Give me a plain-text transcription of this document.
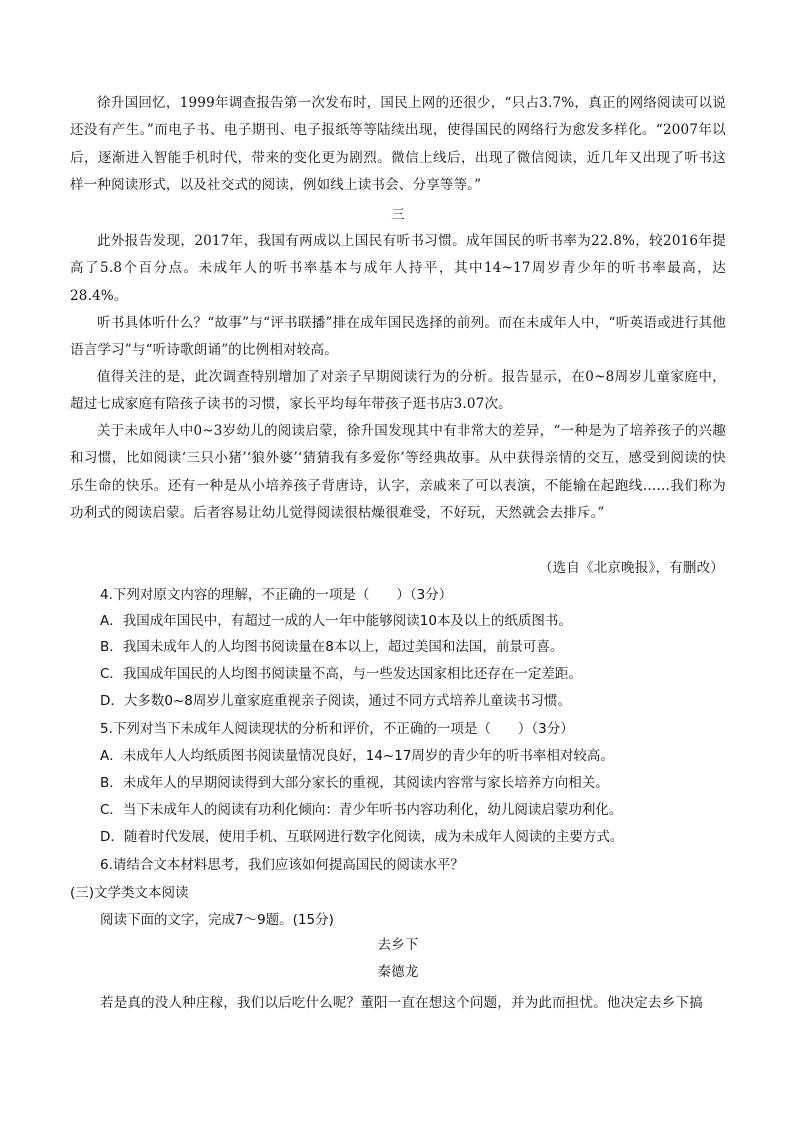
徐升国回忆，1999年调查报告第一次发布时，国民上网的还很少，“只占3.7%，真正的网络阅读可以说还没有产生。”而电子书、电子期刊、电子报纸等等陆续出现，使得国民的网络行为愈发多样化。“2007年以后，逐渐进入智能手机时代，带来的变化更为剧烈。微信上线后，出现了微信阅读，近几年又出现了听书这样一种阅读形式，以及社交式的阅读，例如线上读书会、分享等等。”

三

此外报告发现，2017年，我国有两成以上国民有听书习惯。成年国民的听书率为22.8%，较2016年提高了5.8个百分点。未成年人的听书率基本与成年人持平，其中14~17周岁青少年的听书率最高，达28.4%。

听书具体听什么？“故事”与“评书联播”排在成年国民选择的前列。而在未成年人中，“听英语或进行其他语言学习”与“听诗歌朗诵”的比例相对较高。

值得关注的是，此次调查特别增加了对亲子早期阅读行为的分析。报告显示，在0~8周岁儿童家庭中，超过七成家庭有陪孩子读书的习惯，家长平均每年带孩子逛书店3.07次。

关于未成年人中0~3岁幼儿的阅读启蒙，徐升国发现其中有非常大的差异，“一种是为了培养孩子的兴趣和习惯，比如阅读‘三只小猪’‘狼外婆’‘猜猜我有多爱你’等经典故事。从中获得亲情的交互，感受到阅读的快乐生命的快乐。还有一种是从小培养孩子背唐诗，认字，亲戚来了可以表演，不能输在起跑线……我们称为功利式的阅读启蒙。后者容易让幼儿觉得阅读很枯燥很难受，不好玩，天然就会去排斥。”

（选自《北京晚报》，有删改）

4.下列对原文内容的理解，不正确的一项是（　　）（3分）

A．我国成年国民中，有超过一成的人一年中能够阅读10本及以上的纸质图书。

B．我国未成年人的人均图书阅读量在8本以上，超过美国和法国，前景可喜。

C．我国成年国民的人均图书阅读量不高，与一些发达国家相比还存在一定差距。

D．大多数0~8周岁儿童家庭重视亲子阅读，通过不同方式培养儿童读书习惯。

5.下列对当下未成年人阅读现状的分析和评价，不正确的一项是（　　）（3分）

A．未成年人人均纸质图书阅读量情况良好，14~17周岁的青少年的听书率相对较高。

B．未成年人的早期阅读得到大部分家长的重视，其阅读内容常与家长培养方向相关。

C．当下未成年人的阅读有功利化倾向：青少年听书内容功利化，幼儿阅读启蒙功利化。

D．随着时代发展，使用手机、互联网进行数字化阅读，成为未成年人阅读的主要方式。

6.请结合文本材料思考，我们应该如何提高国民的阅读水平？

(三)文学类文本阅读

阅读下面的文字，完成7～9题。(15分)

去乡下

秦德龙

若是真的没人种庄稼，我们以后吃什么呢？董阳一直在想这个问题，并为此而担忧。他决定去乡下搞
